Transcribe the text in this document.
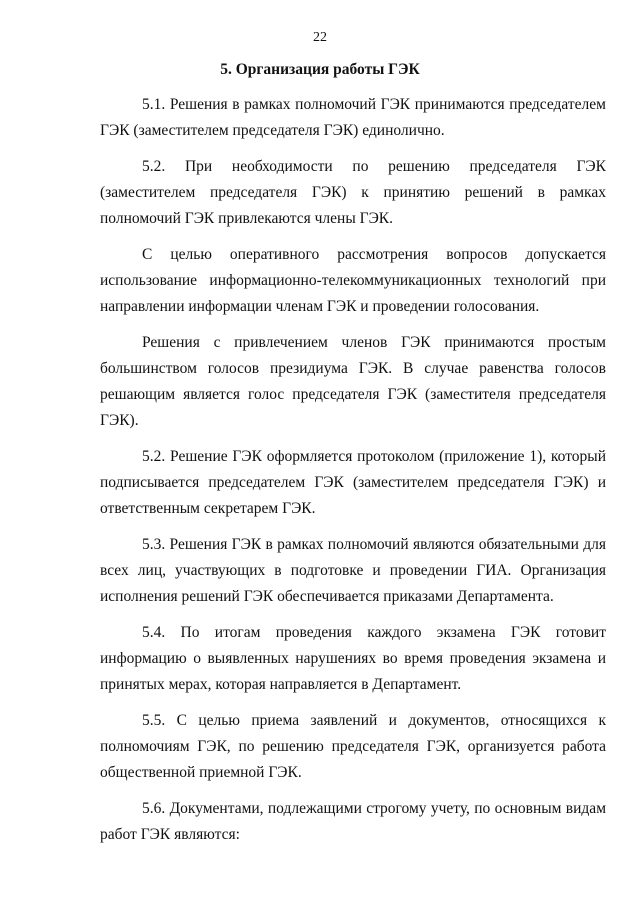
22
5. Организация работы ГЭК

5.1. Решения в рамках полномочий ГЭК принимаются председателем ГЭК (заместителем председателя ГЭК) единолично.

5.2. При необходимости по решению председателя ГЭК (заместителем председателя ГЭК) к принятию решений в рамках полномочий ГЭК привлекаются члены ГЭК.

С целью оперативного рассмотрения вопросов допускается использование информационно-телекоммуникационных технологий при направлении информации членам ГЭК и проведении голосования.

Решения с привлечением членов ГЭК принимаются простым большинством голосов президиума ГЭК. В случае равенства голосов решающим является голос председателя ГЭК (заместителя председателя ГЭК).

5.2. Решение ГЭК оформляется протоколом (приложение 1), который подписывается председателем ГЭК (заместителем председателя ГЭК) и ответственным секретарем ГЭК.

5.3. Решения ГЭК в рамках полномочий являются обязательными для всех лиц, участвующих в подготовке и проведении ГИА. Организация исполнения решений ГЭК обеспечивается приказами Департамента.

5.4. По итогам проведения каждого экзамена ГЭК готовит информацию о выявленных нарушениях во время проведения экзамена и принятых мерах, которая направляется в Департамент.

5.5. С целью приема заявлений и документов, относящихся к полномочиям ГЭК, по решению председателя ГЭК, организуется работа общественной приемной ГЭК.

5.6. Документами, подлежащими строгому учету, по основным видам работ ГЭК являются:
